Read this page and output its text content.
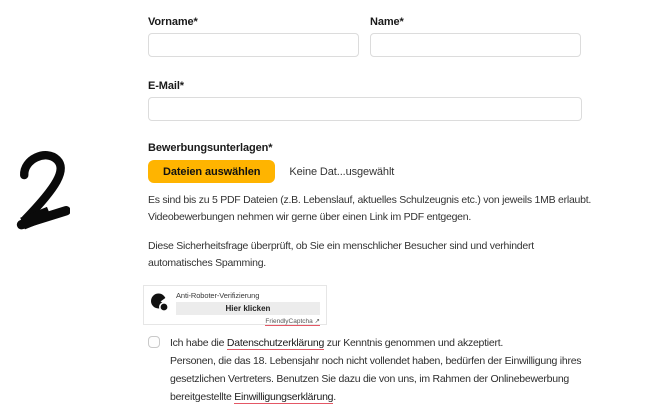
Vorname*	Name*
E-Mail*
Bewerbungsunterlagen*
Dateien auswählen	Keine Dat...usgewählt

Es sind bis zu 5 PDF Dateien (z.B. Lebenslauf, aktuelles Schulzeugnis etc.) von jeweils 1MB erlaubt. Videobewerbungen nehmen wir gerne über einen Link im PDF entgegen.

Diese Sicherheitsfrage überprüft, ob Sie ein menschlicher Besucher sind und verhindert automatisches Spamming.

Anti-Roboter-Verifizierung
Hier klicken
FriendlyCaptcha ↗

Ich habe die Datenschutzerklärung zur Kenntnis genommen und akzeptiert.

Personen, die das 18. Lebensjahr noch nicht vollendet haben, bedürfen der Einwilligung ihres gesetzlichen Vertreters. Benutzen Sie dazu die von uns, im Rahmen der Onlinebewerbung bereitgestellte Einwilligungserklärung.
